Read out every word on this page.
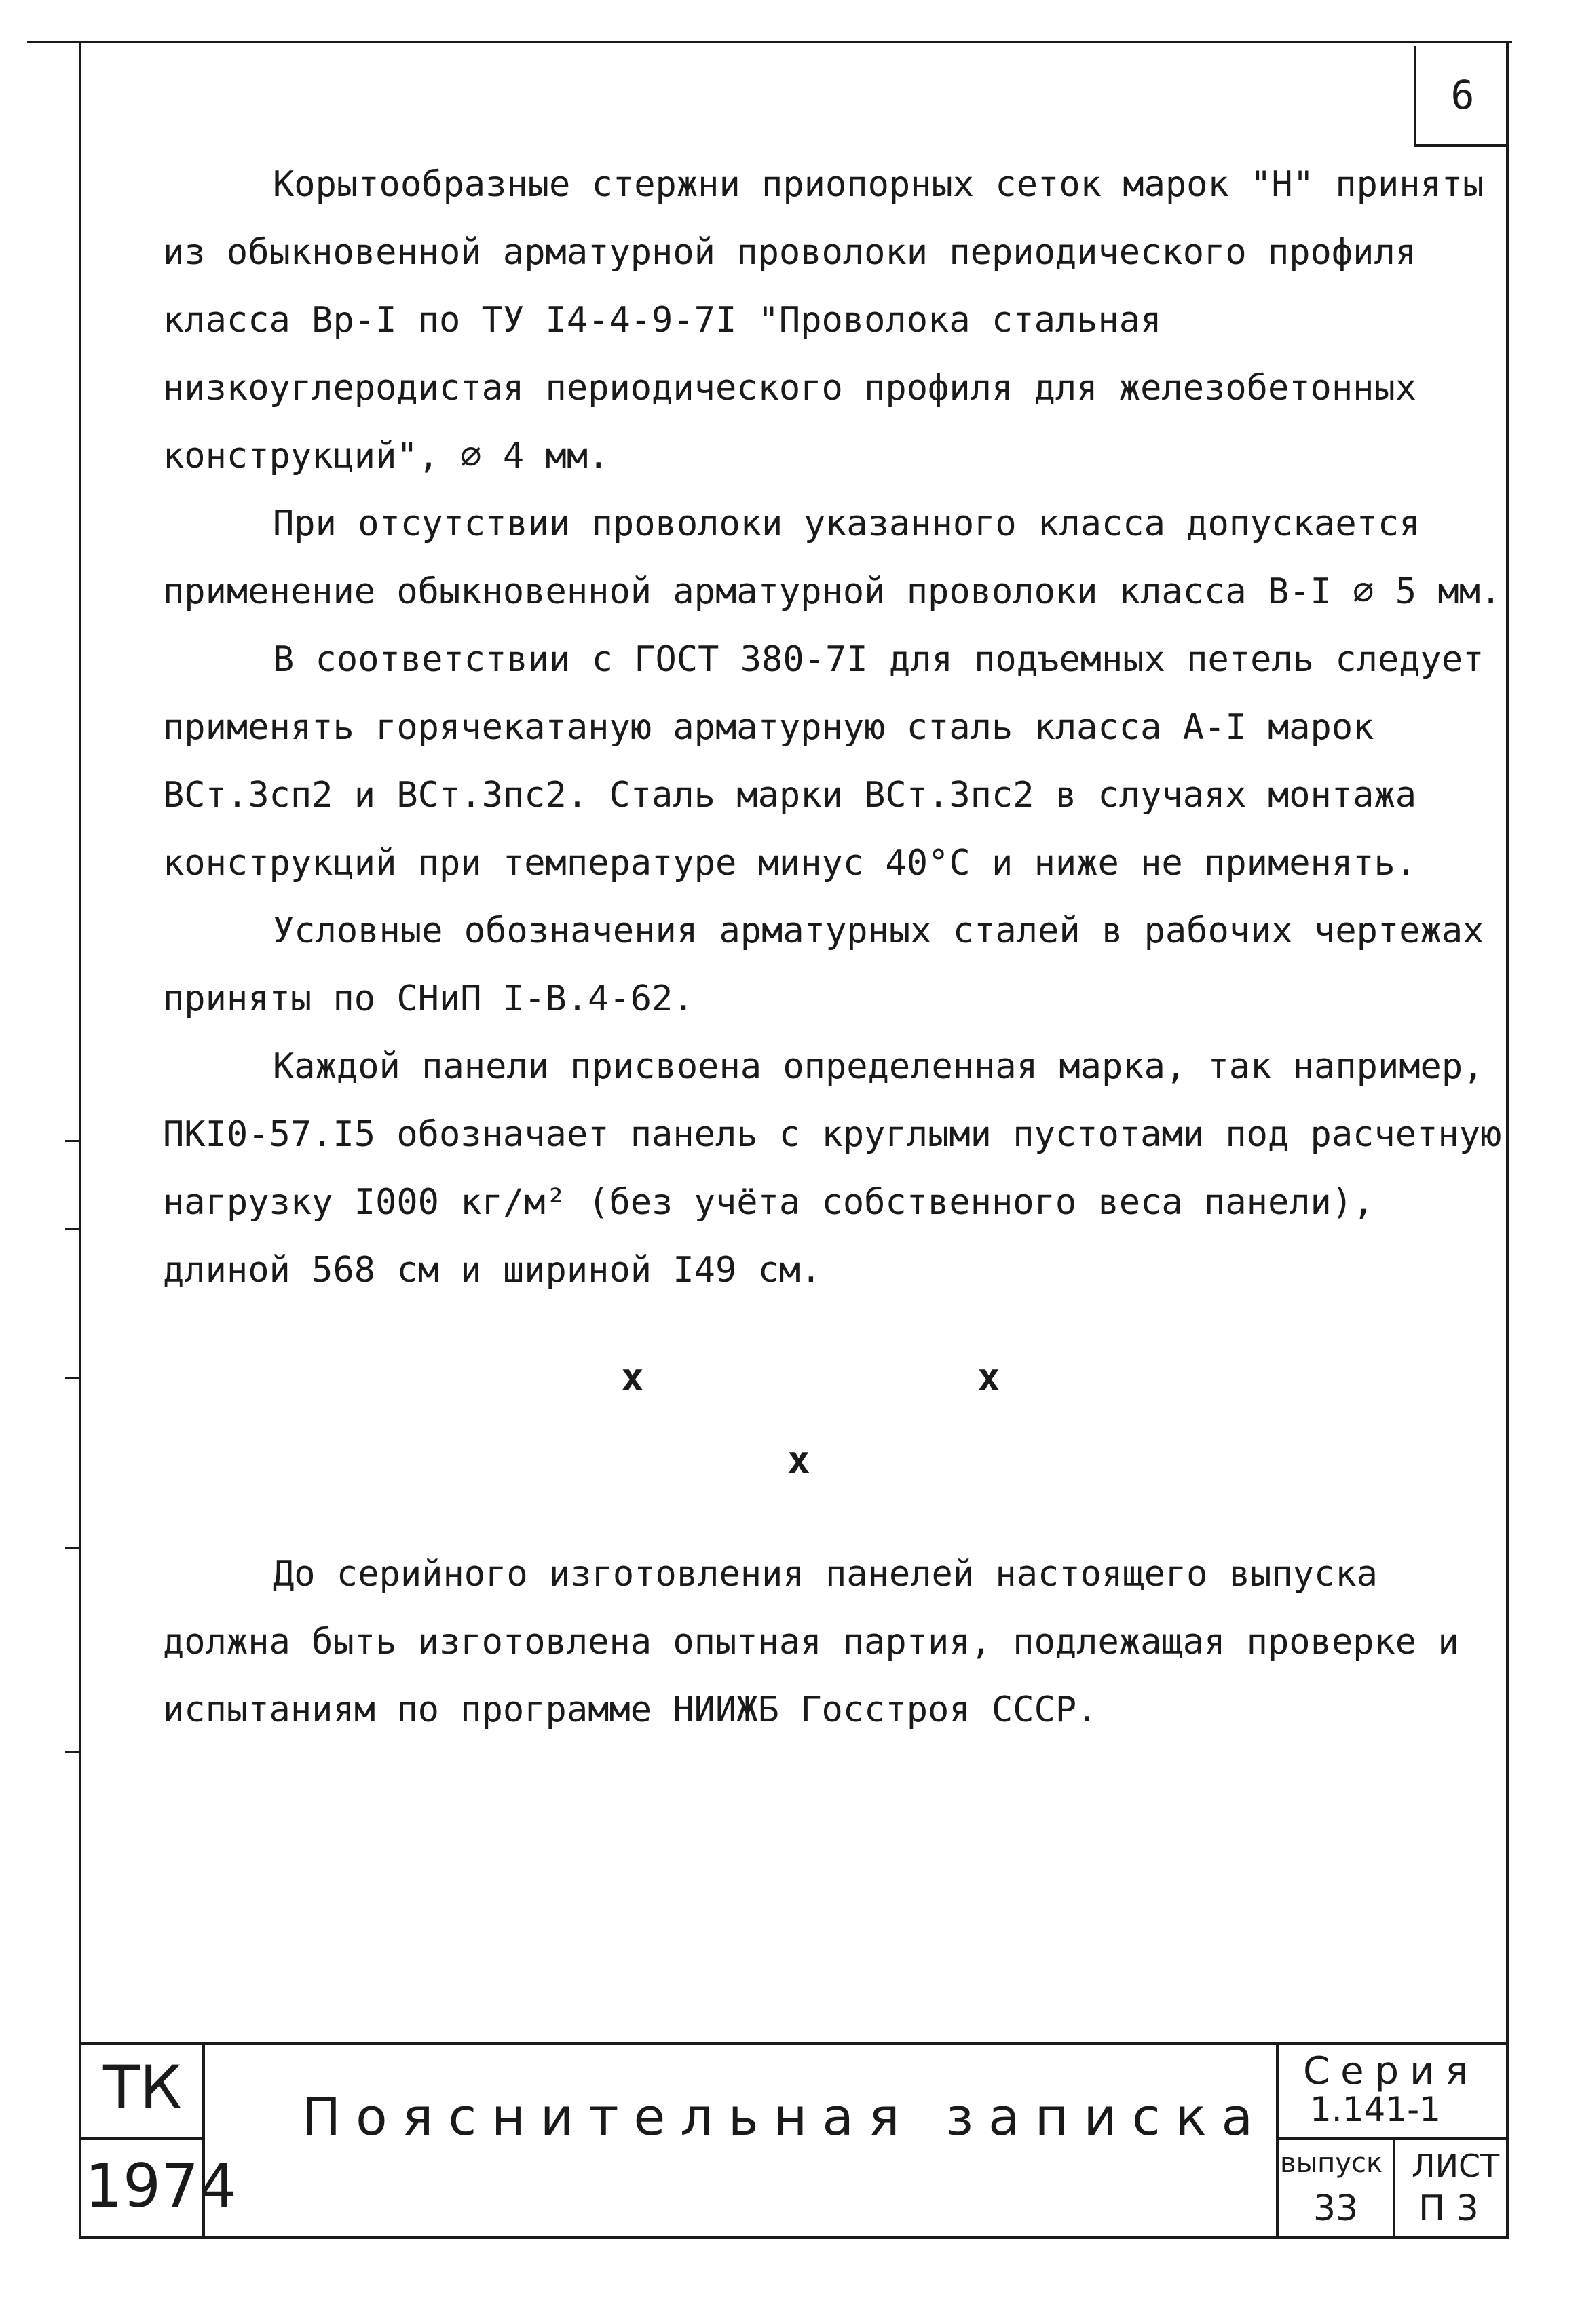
6

Корытообразные стержни приопорных сеток марок "Н" приняты из обыкновенной арматурной проволоки периодического профиля класса Вр-I по ТУ I4-4-9-7I "Проволока стальная низкоуглеродистая периодического профиля для железобетонных конструкций", ∅ 4 мм.

При отсутствии проволоки указанного класса допускается применение обыкновенной арматурной проволоки класса В-I ∅ 5 мм.

В соответствии с ГОСТ 380-7I для подъемных петель следует применять горячекатаную арматурную сталь класса А-I марок ВСт.3сп2 и ВСт.3пс2. Сталь марки ВСт.3пс2 в случаях монтажа конструкций при температуре минус 40°С и ниже не применять.

Условные обозначения арматурных сталей в рабочих чертежах приняты по СНиП I-В.4-62.

Каждой панели присвоена определенная марка, так например, ПКI0-57.I5 обозначает панель с круглыми пустотами под расчетную нагрузку I000 кг/м² (без учёта собственного веса панели), длиной 568 см и шириной I49 см.

x	x
x

До серийного изготовления панелей настоящего выпуска должна быть изготовлена опытная партия, подлежащая проверке и испытаниям по программе НИИЖБ Госстроя СССР.

ТК
1974
Пояснительная записка
Серия
1.141-1
выпуск
33
ЛИСТ
П 3
